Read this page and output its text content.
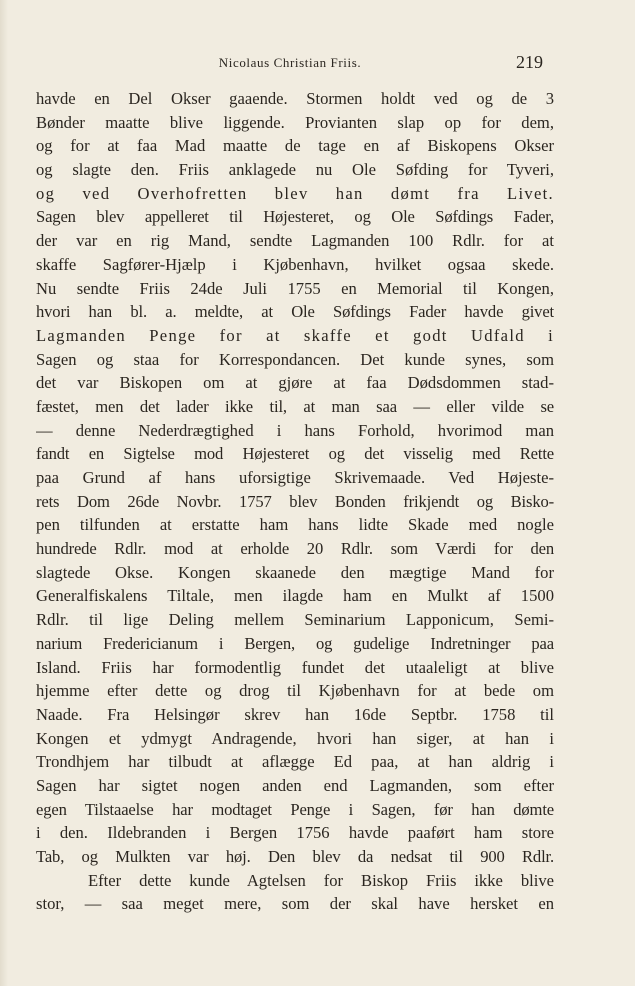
Nicolaus Christian Friis.	219
havde en Del Okser gaaende. Stormen holdt ved og de 3
Bønder maatte blive liggende. Provianten slap op for dem,
og for at faa Mad maatte de tage en af Biskopens Okser
og slagte den. Friis anklagede nu Ole Søfding for Tyveri,
og ved Overhofretten blev han dømt fra Livet.
Sagen blev appelleret til Højesteret, og Ole Søfdings Fader,
der var en rig Mand, sendte Lagmanden 100 Rdlr. for at
skaffe Sagfører-Hjælp i Kjøbenhavn, hvilket ogsaa skede.
Nu sendte Friis 24de Juli 1755 en Memorial til Kongen,
hvori han bl. a. meldte, at Ole Søfdings Fader havde givet
Lagmanden Penge for at skaffe et godt Udfald i
Sagen og staa for Korrespondancen. Det kunde synes, som
det var Biskopen om at gjøre at faa Dødsdommen stad-
fæstet, men det lader ikke til, at man saa — eller vilde se
— denne Nederdrægtighed i hans Forhold, hvorimod man
fandt en Sigtelse mod Højesteret og det visselig med Rette
paa Grund af hans uforsigtige Skrivemaade. Ved Højeste-
rets Dom 26de Novbr. 1757 blev Bonden frikjendt og Bisko-
pen tilfunden at erstatte ham hans lidte Skade med nogle
hundrede Rdlr. mod at erholde 20 Rdlr. som Værdi for den
slagtede Okse. Kongen skaanede den mægtige Mand for
Generalfiskalens Tiltale, men ilagde ham en Mulkt af 1500
Rdlr. til lige Deling mellem Seminarium Lapponicum, Semi-
narium Fredericianum i Bergen, og gudelige Indretninger paa
Island. Friis har formodentlig fundet det utaaleligt at blive
hjemme efter dette og drog til Kjøbenhavn for at bede om
Naade. Fra Helsingør skrev han 16de Septbr. 1758 til
Kongen et ydmygt Andragende, hvori han siger, at han i
Trondhjem har tilbudt at aflægge Ed paa, at han aldrig i
Sagen har sigtet nogen anden end Lagmanden, som efter
egen Tilstaaelse har modtaget Penge i Sagen, før han dømte
i den. Ildebranden i Bergen 1756 havde paaført ham store
Tab, og Mulkten var høj. Den blev da nedsat til 900 Rdlr.
Efter dette kunde Agtelsen for Biskop Friis ikke blive
stor, — saa meget mere, som der skal have hersket en
